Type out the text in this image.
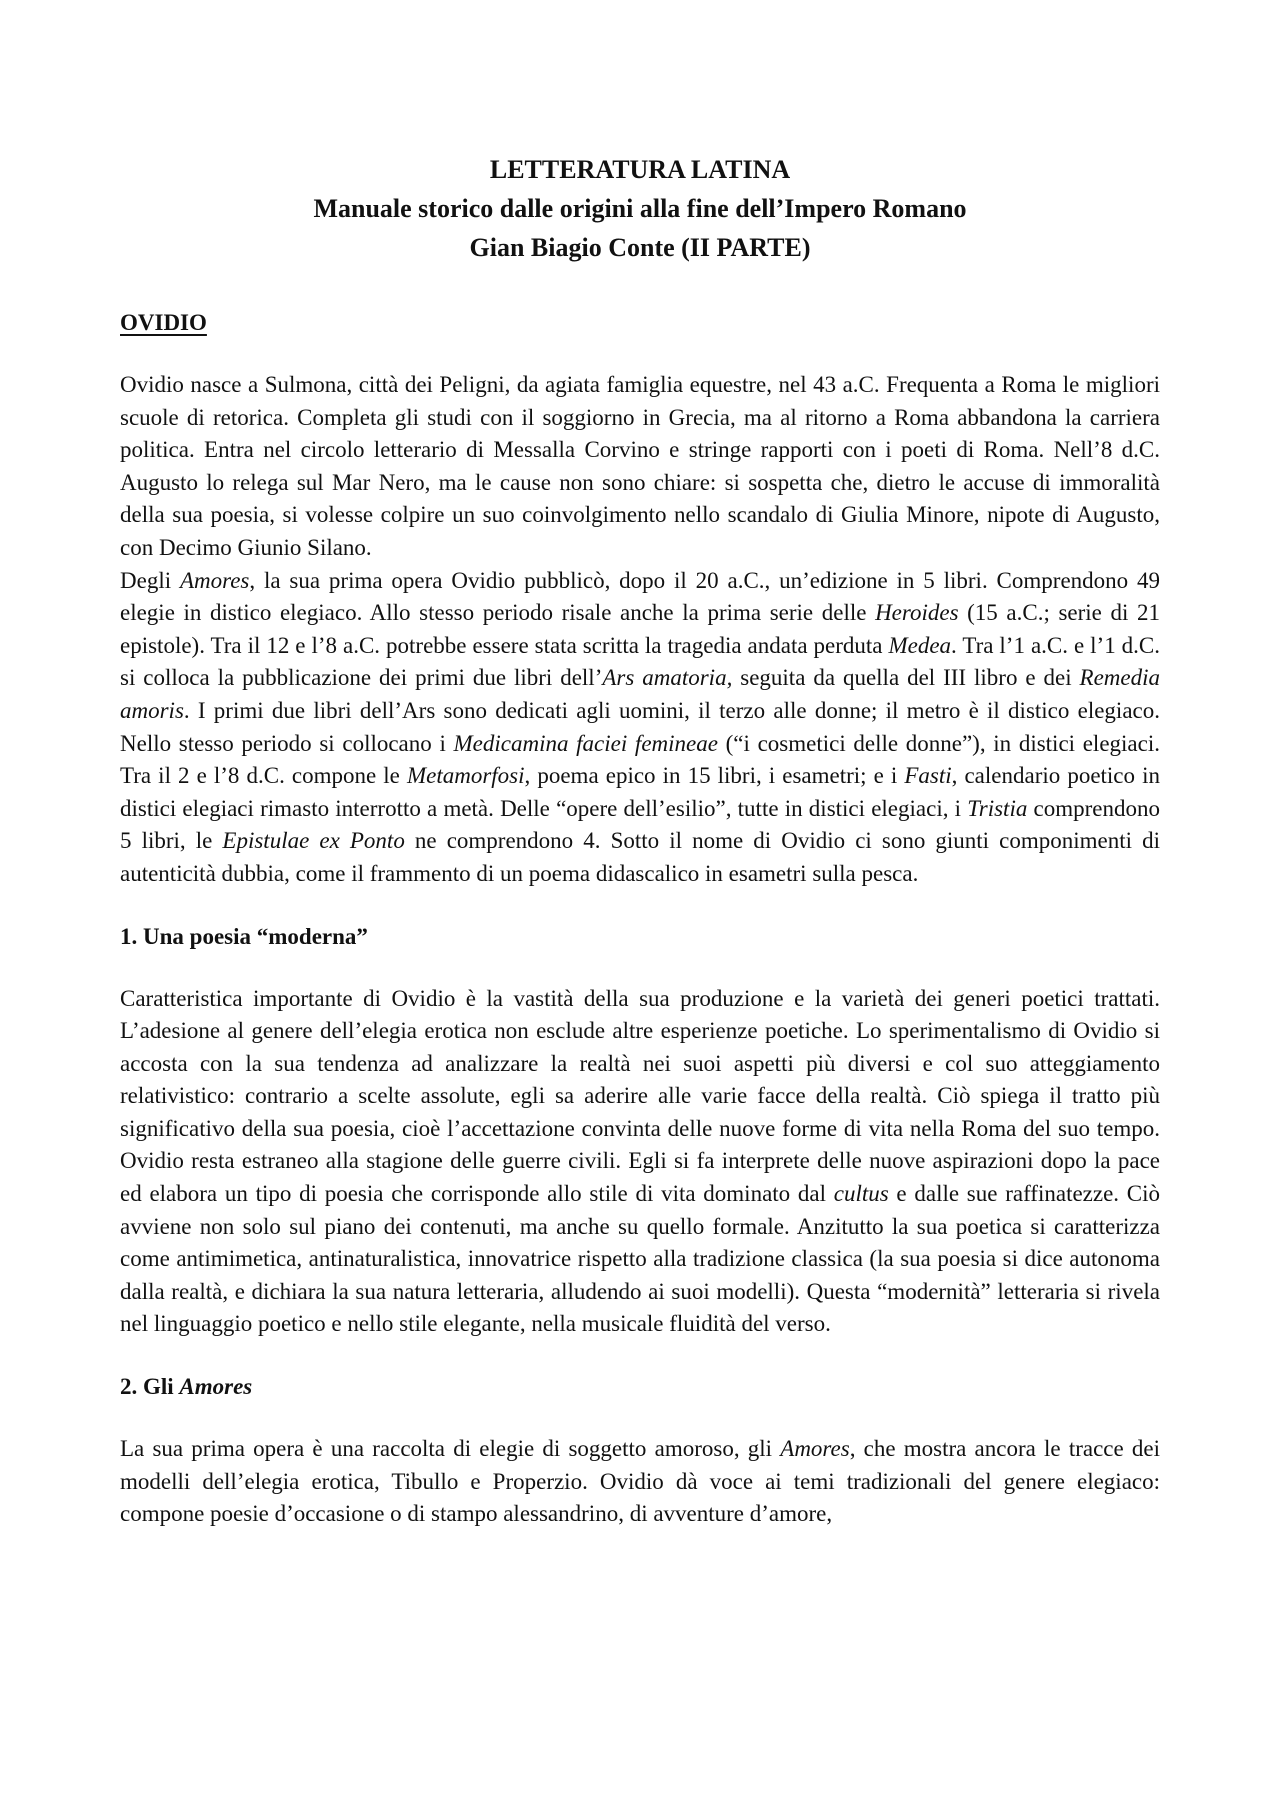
LETTERATURA LATINA
Manuale storico dalle origini alla fine dell’Impero Romano
Gian Biagio Conte (II PARTE)
OVIDIO

Ovidio nasce a Sulmona, città dei Peligni, da agiata famiglia equestre, nel 43 a.C. Frequenta a Roma le migliori scuole di retorica. Completa gli studi con il soggiorno in Grecia, ma al ritorno a Roma abbandona la carriera politica. Entra nel circolo letterario di Messalla Corvino e stringe rapporti con i poeti di Roma. Nell’8 d.C. Augusto lo relega sul Mar Nero, ma le cause non sono chiare: si sospetta che, dietro le accuse di immoralità della sua poesia, si volesse colpire un suo coinvolgimento nello scandalo di Giulia Minore, nipote di Augusto, con Decimo Giunio Silano.

Degli Amores, la sua prima opera Ovidio pubblicò, dopo il 20 a.C., un’edizione in 5 libri. Comprendono 49 elegie in distico elegiaco. Allo stesso periodo risale anche la prima serie delle Heroides (15 a.C.; serie di 21 epistole). Tra il 12 e l’8 a.C. potrebbe essere stata scritta la tragedia andata perduta Medea. Tra l’1 a.C. e l’1 d.C. si colloca la pubblicazione dei primi due libri dell’Ars amatoria, seguita da quella del III libro e dei Remedia amoris. I primi due libri dell’Ars sono dedicati agli uomini, il terzo alle donne; il metro è il distico elegiaco. Nello stesso periodo si collocano i Medicamina faciei femineae (“i cosmetici delle donne”), in distici elegiaci. Tra il 2 e l’8 d.C. compone le Metamorfosi, poema epico in 15 libri, i esametri; e i Fasti, calendario poetico in distici elegiaci rimasto interrotto a metà. Delle “opere dell’esilio”, tutte in distici elegiaci, i Tristia comprendono 5 libri, le Epistulae ex Ponto ne comprendono 4. Sotto il nome di Ovidio ci sono giunti componimenti di autenticità dubbia, come il frammento di un poema didascalico in esametri sulla pesca.

1. Una poesia “moderna”

Caratteristica importante di Ovidio è la vastità della sua produzione e la varietà dei generi poetici trattati. L’adesione al genere dell’elegia erotica non esclude altre esperienze poetiche. Lo sperimentalismo di Ovidio si accosta con la sua tendenza ad analizzare la realtà nei suoi aspetti più diversi e col suo atteggiamento relativistico: contrario a scelte assolute, egli sa aderire alle varie facce della realtà. Ciò spiega il tratto più significativo della sua poesia, cioè l’accettazione convinta delle nuove forme di vita nella Roma del suo tempo. Ovidio resta estraneo alla stagione delle guerre civili. Egli si fa interprete delle nuove aspirazioni dopo la pace ed elabora un tipo di poesia che corrisponde allo stile di vita dominato dal cultus e dalle sue raffinatezze. Ciò avviene non solo sul piano dei contenuti, ma anche su quello formale. Anzitutto la sua poetica si caratterizza come antimimetica, antinaturalistica, innovatrice rispetto alla tradizione classica (la sua poesia si dice autonoma dalla realtà, e dichiara la sua natura letteraria, alludendo ai suoi modelli). Questa “modernità” letteraria si rivela nel linguaggio poetico e nello stile elegante, nella musicale fluidità del verso.

2. Gli Amores

La sua prima opera è una raccolta di elegie di soggetto amoroso, gli Amores, che mostra ancora le tracce dei modelli dell’elegia erotica, Tibullo e Properzio. Ovidio dà voce ai temi tradizionali del genere elegiaco: compone poesie d’occasione o di stampo alessandrino, di avventure d’amore,
